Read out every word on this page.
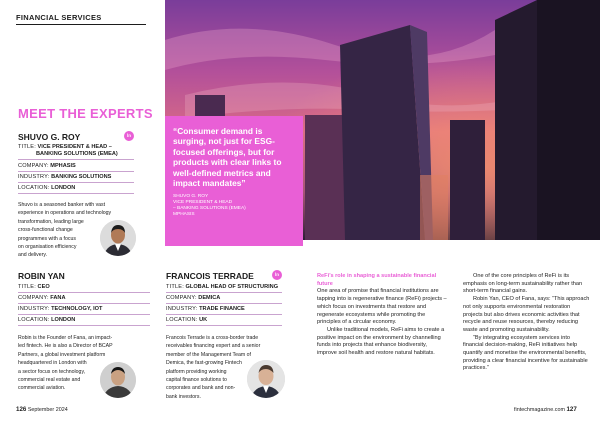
FINANCIAL SERVICES
MEET THE EXPERTS
SHUVO G. ROY	ln
TITLE: VICE PRESIDENT & HEAD –
BANKING SOLUTIONS (EMEA)
COMPANY: MPHASIS
INDUSTRY: BANKING SOLUTIONS
LOCATION: LONDON
Shuvo is a seasoned banker with vast
experience in operations and technology
transformation, leading large
cross-functional change
programmes with a focus
on organisation efficiency
and delivery.
ROBIN YAN
TITLE: CEO
COMPANY: FANA
INDUSTRY: TECHNOLOGY, IOT
LOCATION: LONDON
Robin is the Founder of Fana, an impact-
led fintech. He is also a Director of BCAP
Partners, a global investment platform
headquartered in London with
a sector focus on technology,
commercial real estate and
commercial aviation.
“Consumer demand is surging, not just for ESG-focused offerings, but for products with clear links to well-defined metrics and impact mandates”
SHUVO G. ROY
VICE PRESIDENT & HEAD
– BANKING SOLUTIONS (EMEA)
MPHASIS
FRANCOIS TERRADE	ln
TITLE: GLOBAL HEAD OF STRUCTURING
COMPANY: DEMICA
INDUSTRY: TRADE FINANCE
LOCATION: UK
Francois Terrade is a cross-border trade
receivables financing expert and a senior
member of the Management Team of
Demica, the fast-growing Fintech
platform providing working
capital finance solutions to
corporates and bank and non-
bank investors.
ReFi’s role in shaping a sustainable financial future

One area of promise that financial institutions are tapping into is regenerative finance (ReFi) projects – which focus on investments that restore and regenerate ecosystems while promoting the principles of a circular economy.

Unlike traditional models, ReFi aims to create a positive impact on the environment by channelling funds into projects that enhance biodiversity, improve soil health and restore natural habitats.

One of the core principles of ReFi is its emphasis on long-term sustainability rather than short-term financial gains.

Robin Yan, CEO of Fana, says: “This approach not only supports environmental restoration projects but also drives economic activities that recycle and reuse resources, thereby reducing waste and promoting sustainability.

“By integrating ecosystem services into financial decision-making, ReFi initiatives help quantify and monetise the environmental benefits, providing a clear financial incentive for sustainable practices.”

126 September 2024	fintechmagazine.com 127
